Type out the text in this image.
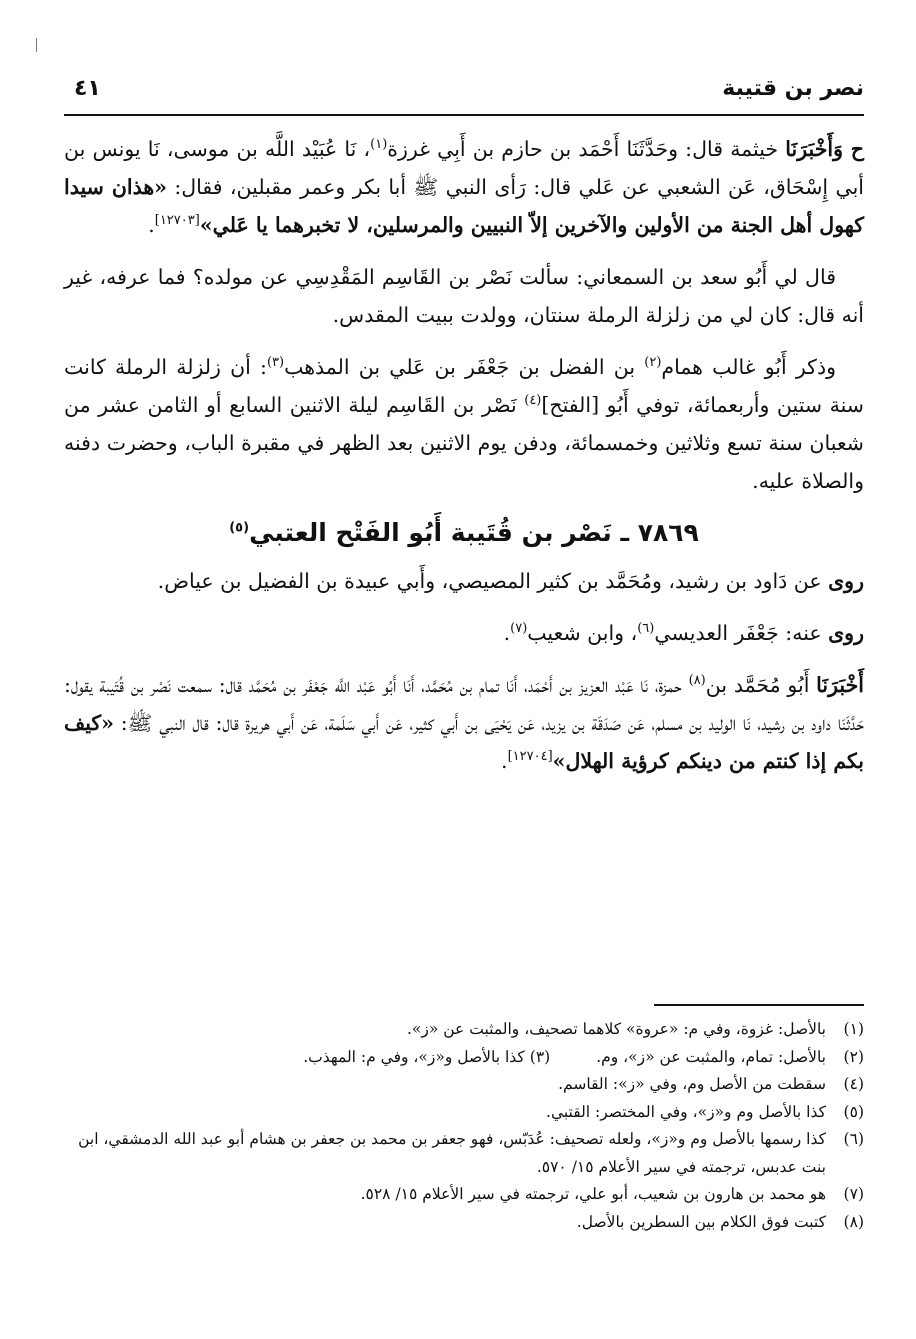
نصر بن قتيبة
٤١

ح وَأَخْبَرَنَا خيثمة قال: وحَدَّثَنَا أَحْمَد بن حازم بن أَبِي غرزة$^{(١)}$، نَا عُبَيْد اللَّه بن موسى، نَا يونس بن أبي إِسْحَاق، عَن الشعبي عن عَلي قال: رَأى النبي ﷺ أبا بكر وعمر مقبلين، فقال: «هذان سيدا كهول أهل الجنة من الأولين والآخرين إلاّ النبيين والمرسلين، لا تخبرهما يا عَلي»[١٢٧٠٣].

قال لي أَبُو سعد بن السمعاني: سألت نَصْر بن القَاسِم المَقْدِسِي عن مولده؟ فما عرفه، غير أنه قال: كان لي من زلزلة الرملة سنتان، وولدت ببيت المقدس.

وذكر أَبُو غالب همام$^{(٢)}$ بن الفضل بن جَعْفَر بن عَلي بن المذهب$^{(٣)}$: أن زلزلة الرملة كانت سنة ستين وأربعمائة، توفي أَبُو [الفتح]$^{(٤)}$ نَصْر بن القَاسِم ليلة الاثنين السابع أو الثامن عشر من شعبان سنة تسع وثلاثين وخمسمائة، ودفن يوم الاثنين بعد الظهر في مقبرة الباب، وحضرت دفنه والصلاة عليه.

٧٨٦٩ ـ نَصْر بن قُتَيبة أَبُو الفَتْح العتبي$^{(٥)}$

روى عن دَاود بن رشيد، ومُحَمَّد بن كثير المصيصي، وأَبي عبيدة بن الفضيل بن عياض.

روى عنه: جَعْفَر العديسي$^{(٦)}$، وابن شعيب$^{(٧)}$.

أَخْبَرَنَا أَبُو مُحَمَّد بن$^{(٨)}$ حمزة، نَا عَبْد العزيز بن أَحْمَد، أَنَا تمام بن مُحَمَّد، أَنَا أَبُو عَبْد اللَّه جَعْفَر بن مُحَمَّد قال: سمعت نَصْر بن قُتَيبة يقول: حَدَّثَنَا داود بن رشيد، نَا الوليد بن مسلم، عَن صَدَقَة بن يزيد، عَن يَحْيَى بن أَبي كثير، عَن أَبي سَلَمة، عَن أَبي هريرة قال: قال النبي ﷺ: «كيف بكم إذا كنتم من دينكم كرؤية الهلال»[١٢٧٠٤].

(١)
بالأصل: غزوة، وفي م: «عروة» كلاهما تصحيف، والمثبت عن «ز».
(٢)
بالأصل: تمام، والمثبت عن «ز»، وم.(٣) كذا بالأصل و«ز»، وفي م: المهذب.
(٤)
سقطت من الأصل وم، وفي «ز»: القاسم.
(٥)
كذا بالأصل وم و«ز»، وفي المختصر: القتبي.
(٦)
كذا رسمها بالأصل وم و«ز»، ولعله تصحيف: عُدَبّس، فهو جعفر بن محمد بن جعفر بن هشام أبو عبد الله الدمشقي، ابن بنت عدبس، ترجمته في سير الأعلام ١٥/ ٥٧٠.
(٧)
هو محمد بن هارون بن شعيب، أبو علي، ترجمته في سير الأعلام ١٥/ ٥٢٨.
(٨)
كتبت فوق الكلام بين السطرين بالأصل.
